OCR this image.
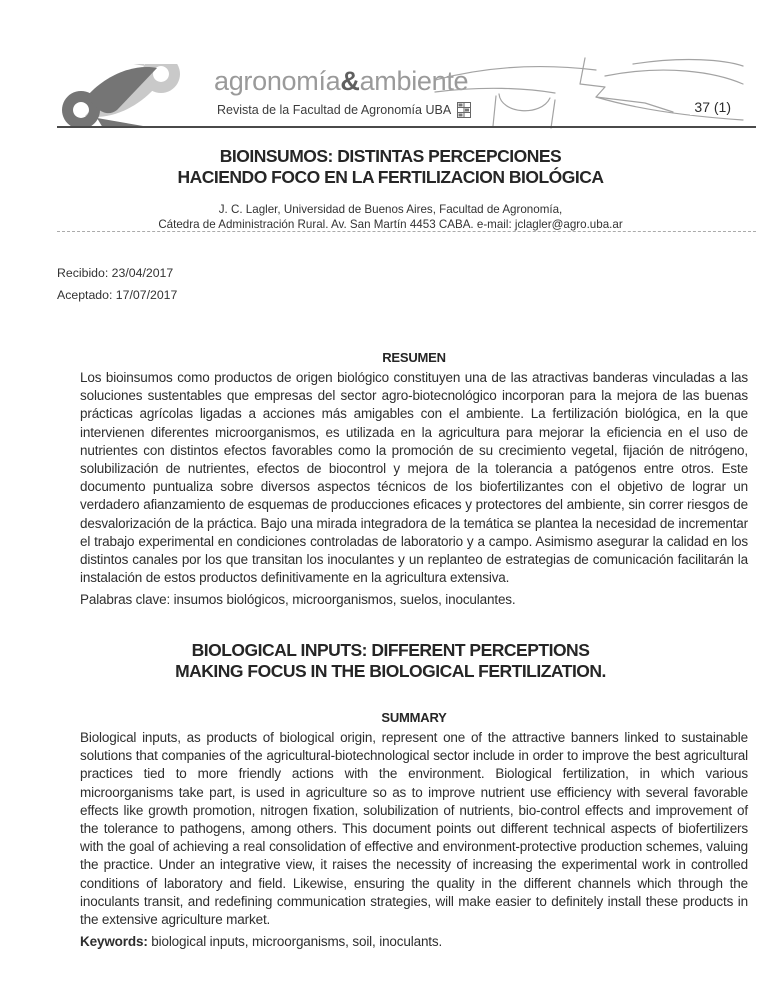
agronomía&ambiente
Revista de la Facultad de Agronomía UBA	37 (1)
BIOINSUMOS: DISTINTAS PERCEPCIONES
HACIENDO FOCO EN LA FERTILIZACION BIOLÓGICA
J. C. Lagler, Universidad de Buenos Aires, Facultad de Agronomía,
Cátedra de Administración Rural. Av. San Martín 4453 CABA. e-mail: jclagler@agro.uba.ar
Recibido: 23/04/2017
Aceptado: 17/07/2017
RESUMEN
Los bioinsumos como productos de origen biológico constituyen una de las atractivas banderas vinculadas a las soluciones sustentables que empresas del sector agro-biotecnológico incorporan para la mejora de las buenas prácticas agrícolas ligadas a acciones más amigables con el ambiente. La fertilización biológica, en la que intervienen diferentes microorganismos, es utilizada en la agricultura para mejorar la eficiencia en el uso de nutrientes con distintos efectos favorables como la promoción de su crecimiento vegetal, fijación de nitrógeno, solubilización de nutrientes, efectos de biocontrol y mejora de la tolerancia a patógenos entre otros. Este documento puntualiza sobre diversos aspectos técnicos de los biofertilizantes con el objetivo de lograr un verdadero afianzamiento de esquemas de producciones eficaces y protectores del ambiente, sin correr riesgos de desvalorización de la práctica. Bajo una mirada integradora de la temática se plantea la necesidad de incrementar el trabajo experimental en condiciones controladas de laboratorio y a campo. Asimismo asegurar la calidad en los distintos canales por los que transitan los inoculantes y un replanteo de estrategias de comunicación facilitarán la instalación de estos productos definitivamente en la agricultura extensiva.
Palabras clave: insumos biológicos, microorganismos, suelos, inoculantes.
BIOLOGICAL INPUTS: DIFFERENT PERCEPTIONS
MAKING FOCUS IN THE BIOLOGICAL FERTILIZATION.
SUMMARY
Biological inputs, as products of biological origin, represent one of the attractive banners linked to sustainable solutions that companies of the agricultural-biotechnological sector include in order to improve the best agricultural practices tied to more friendly actions with the environment. Biological fertilization, in which various microorganisms take part, is used in agriculture so as to improve nutrient use efficiency with several favorable effects like growth promotion, nitrogen fixation, solubilization of nutrients, bio-control effects and improvement of the tolerance to pathogens, among others. This document points out different technical aspects of biofertilizers with the goal of achieving a real consolidation of effective and environment-protective production schemes, valuing the practice. Under an integrative view, it raises the necessity of increasing the experimental work in controlled conditions of laboratory and field. Likewise, ensuring the quality in the different channels which through the inoculants transit, and redefining communication strategies, will make easier to definitely install these products in the extensive agriculture market.
Keywords: biological inputs, microorganisms, soil, inoculants.
